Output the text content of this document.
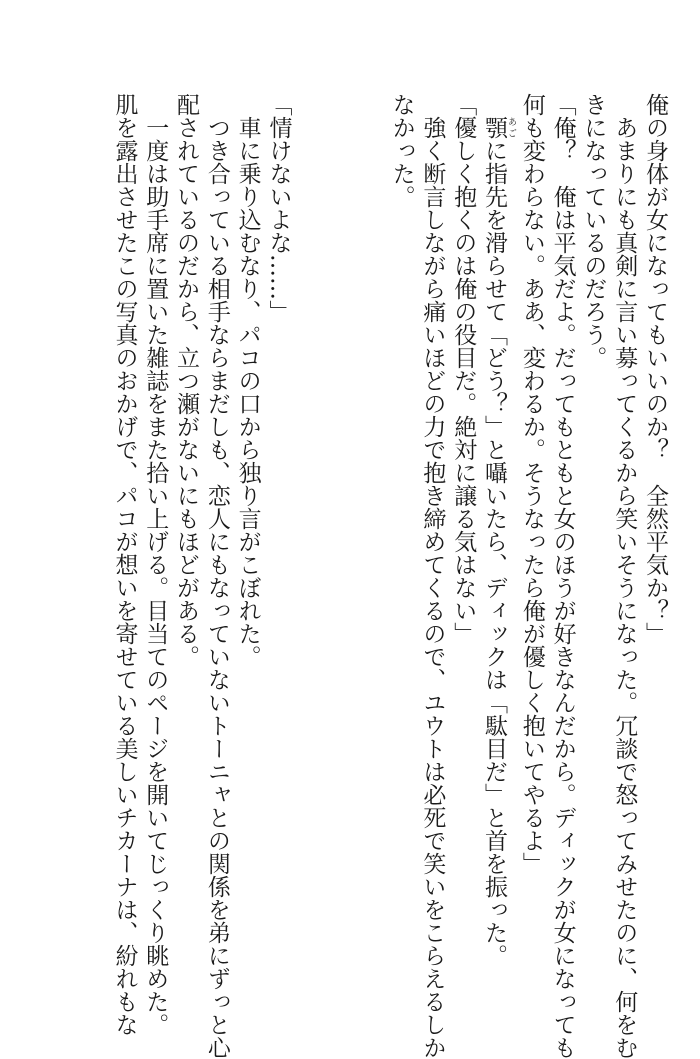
俺の身体が女になってもいいのか？　全然平気か？」
　あまりにも真剣に言い募ってくるから笑いそうになった。冗談で怒ってみせたのに、何をむ
きになっているのだろう。
「俺？　俺は平気だよ。だってもともと女のほうが好きなんだから。ディックが女になっても
何も変わらない。ああ、変わるか。そうなったら俺が優しく抱いてやるよ」
　顎 あごに指先を滑らせて「どう？」と囁いたら、ディックは「駄目だ」と首を振った。
「優しく抱くのは俺の役目だ。絶対に譲る気はない」
　強く断言しながら痛いほどの力で抱き締めてくるので、ユウトは必死で笑いをこらえるしか
なかった。
「情けないよな……」
　車に乗り込むなり、パコの口から独り言がこぼれた。
　つき合っている相手ならまだしも、恋人にもなっていないトーニャとの関係を弟にずっと心
配されているのだから、立つ瀬がないにもほどがある。
　一度は助手席に置いた雑誌をまた拾い上げる。目当てのページを開いてじっくり眺めた。
肌を露出させたこの写真のおかげで、パコが想いを寄せている美しいチカーナは、紛れもな
